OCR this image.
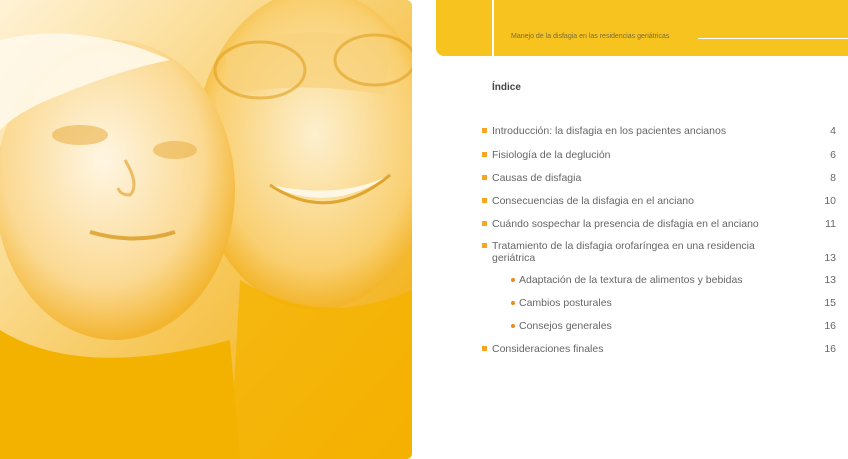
Manejo de la disfagia en las residencias geriátricas
Índice
Introducción: la disfagia en los pacientes ancianos	4
Fisiología de la deglución	6
Causas de disfagia	8
Consecuencias de la disfagia en el anciano	10
Cuándo sospechar la presencia de disfagia en el anciano	11
Tratamiento de la disfagia orofaríngea en una residencia geriátrica	13
Adaptación de la textura de alimentos y bebidas	13
Cambios posturales	15
Consejos generales	16
Consideraciones finales	16
